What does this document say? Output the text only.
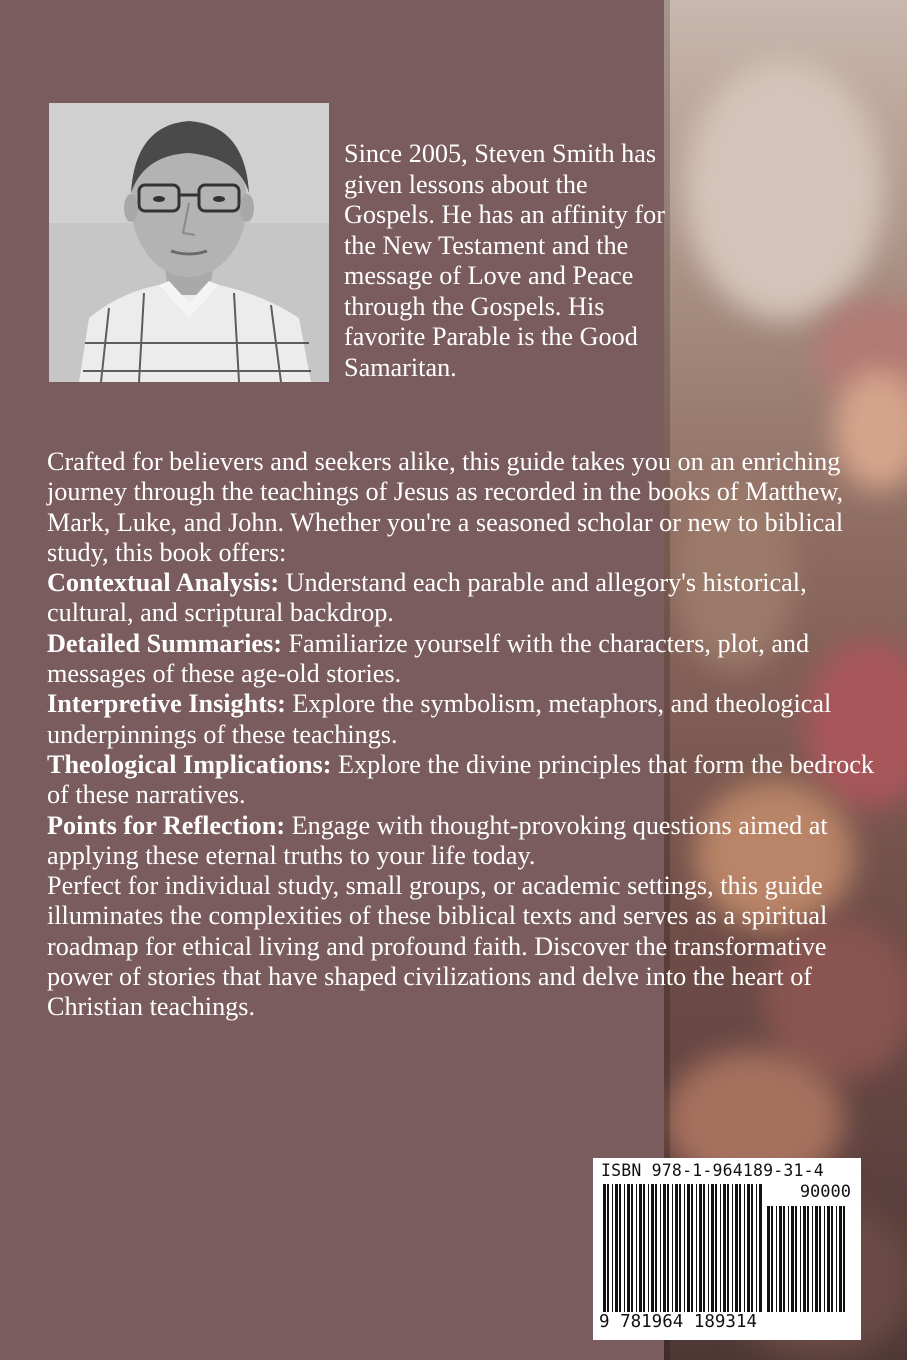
Since 2005, Steven Smith has given lessons about the Gospels. He has an affinity for the New Testament and the message of Love and Peace through the Gospels. His favorite Parable is the Good Samaritan.

Crafted for believers and seekers alike, this guide takes you on an enriching journey through the teachings of Jesus as recorded in the books of Matthew, Mark, Luke, and John. Whether you're a seasoned scholar or new to biblical study, this book offers:

Contextual Analysis: Understand each parable and allegory's historical, cultural, and scriptural backdrop.

Detailed Summaries: Familiarize yourself with the characters, plot, and messages of these age-old stories.

Interpretive Insights: Explore the symbolism, metaphors, and theological underpinnings of these teachings.

Theological Implications: Explore the divine principles that form the bedrock of these narratives.

Points for Reflection: Engage with thought-provoking questions aimed at applying these eternal truths to your life today.

Perfect for individual study, small groups, or academic settings, this guide illuminates the complexities of these biblical texts and serves as a spiritual roadmap for ethical living and profound faith. Discover the transformative power of stories that have shaped civilizations and delve into the heart of Christian teachings.

ISBN 978-1-964189-31-4
90000
9 781964 189314
